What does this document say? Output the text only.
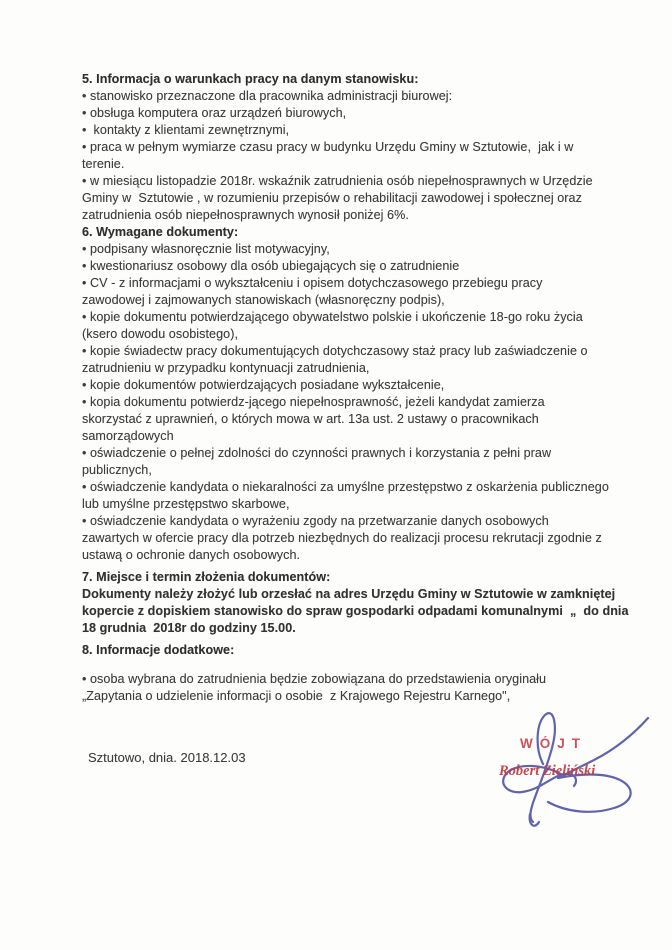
5. Informacja o warunkach pracy na danym stanowisku:

• stanowisko przeznaczone dla pracownika administracji biurowej:

• obsługa komputera oraz urządzeń biurowych,

•  kontakty z klientami zewnętrznymi,

• praca w pełnym wymiarze czasu pracy w budynku Urzędu Gminy w Sztutowie,  jak i w
terenie.

• w miesiącu listopadzie 2018r. wskaźnik zatrudnienia osób niepełnosprawnych w Urzędzie
Gminy w  Sztutowie , w rozumieniu przepisów o rehabilitacji zawodowej i społecznej oraz
zatrudnienia osób niepełnosprawnych wynosił poniżej 6%.

6. Wymagane dokumenty:

• podpisany własnoręcznie list motywacyjny,

• kwestionariusz osobowy dla osób ubiegających się o zatrudnienie

• CV - z informacjami o wykształceniu i opisem dotychczasowego przebiegu pracy
zawodowej i zajmowanych stanowiskach (własnoręczny podpis),

• kopie dokumentu potwierdzającego obywatelstwo polskie i ukończenie 18-go roku życia
(ksero dowodu osobistego),

• kopie świadectw pracy dokumentujących dotychczasowy staż pracy lub zaświadczenie o
zatrudnieniu w przypadku kontynuacji zatrudnienia,

• kopie dokumentów potwierdzających posiadane wykształcenie,

• kopia dokumentu potwierdz-jącego niepełnosprawność, jeżeli kandydat zamierza
skorzystać z uprawnień, o których mowa w art. 13a ust. 2 ustawy o pracownikach
samorządowych

• oświadczenie o pełnej zdolności do czynności prawnych i korzystania z pełni praw
publicznych,

• oświadczenie kandydata o niekaralności za umyślne przestępstwo z oskarżenia publicznego
lub umyślne przestępstwo skarbowe,

• oświadczenie kandydata o wyrażeniu zgody na przetwarzanie danych osobowych
zawartych w ofercie pracy dla potrzeb niezbędnych do realizacji procesu rekrutacji zgodnie z
ustawą o ochronie danych osobowych.

7. Miejsce i termin złożenia dokumentów:

Dokumenty należy złożyć lub orzesłać na adres Urzędu Gminy w Sztutowie w zamkniętej
kopercie z dopiskiem stanowisko do spraw gospodarki odpadami komunalnymi  „  do dnia
18 grudnia  2018r do godziny 15.00.

8. Informacje dodatkowe:

• osoba wybrana do zatrudnienia będzie zobowiązana do przedstawienia oryginału
„Zapytania o udzielenie informacji o osobie  z Krajowego Rejestru Karnego",

Sztutowo, dnia. 2018.12.03
WÓJT
Robert Zieliński
